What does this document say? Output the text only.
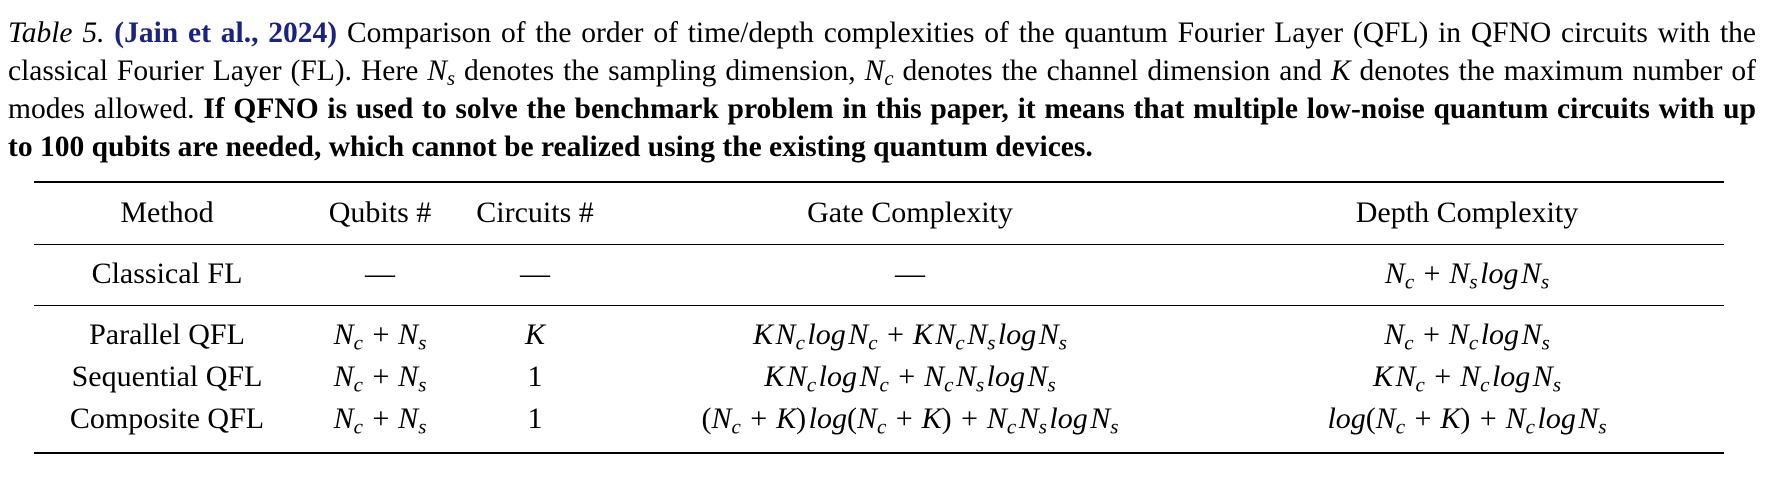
Table 5. (Jain et al., 2024) Comparison of the order of time/depth complexities of the quantum Fourier Layer (QFL) in QFNO circuits with the classical Fourier Layer (FL). Here $N_s$ denotes the sampling dimension, $N_c$ denotes the channel dimension and K denotes the maximum number of modes allowed. If QFNO is used to solve the benchmark problem in this paper, it means that multiple low-noise quantum circuits with up to 100 qubits are needed, which cannot be realized using the existing quantum devices.
Method	Qubits #	Circuits #	Gate Complexity	Depth Complexity
Classical FL	—	—	—	$N_c$ + $N_s$ log $N_s$
Parallel QFL	$N_c$ + $N_s$	K	K $N_c$ log $N_c$ + K $N_c$ $N_s$ log $N_s$	$N_c$ + $N_c$ log $N_s$
Sequential QFL	$N_c$ + $N_s$	1	K $N_c$ log $N_c$ + $N_c$ $N_s$ log $N_s$	K $N_c$ + $N_c$ log $N_s$
Composite QFL	$N_c$ + $N_s$	1	($N_c$ + K) $\log(N_c$ + K) + $N_c$ $N_s$ log $N_s$	$\log(N_c$ + K) + $N_c$ log $N_s$
